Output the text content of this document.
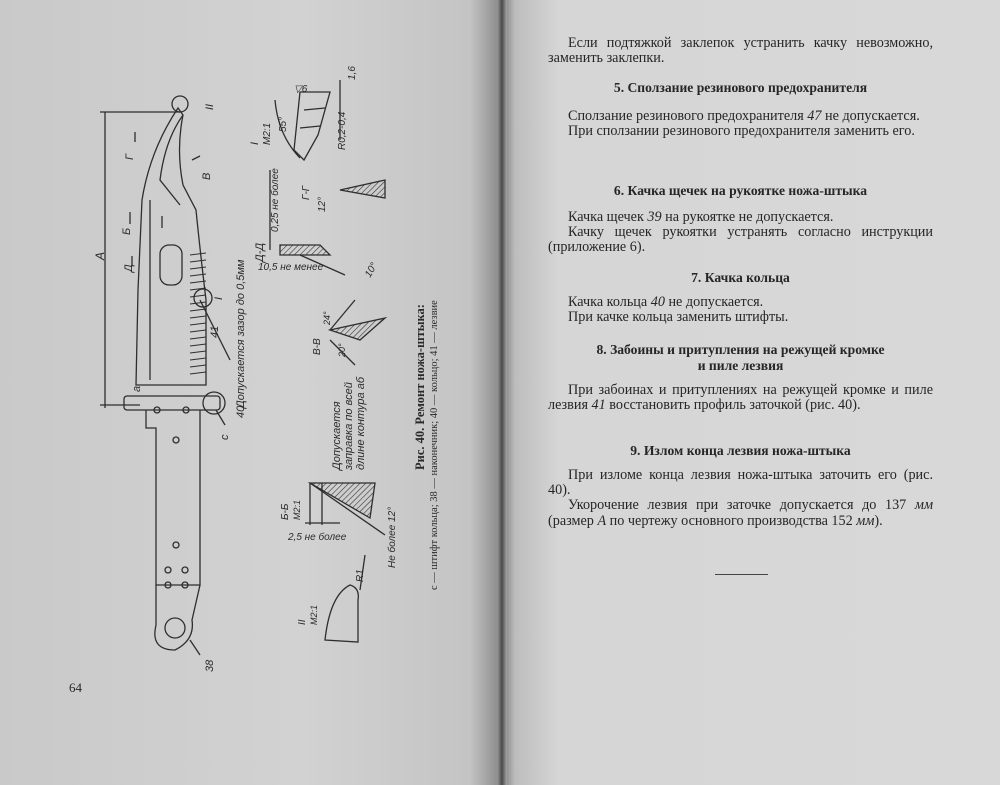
А
Г
В
Б
Д
II
I
41
40
с
а
38
Допускается зазор до 0,5мм
I М2:1 55°	R0,2-0,4
1,6
▽6
Г-Г
12°
Д-Д
0,25 не более
10,5 не менее	10°
В-В
24°
20°
Допускается заправка по всей длине контура аб
Б-Б М2:1
2,5 не более	Не более 12°
II М2:1
R1
Рис. 40. Ремонт ножа-штыка: с — штифт кольца; 38 — наконечник; 40 — кольцо; 41 — лезвие
64

Если подтяжкой заклепок устранить качку невозможно, заменить заклепки.

5. Сползание резинового предохранителя

Сползание резинового предохранителя 47 не допускается.

При сползании резинового предохранителя заменить его.

6. Качка щечек на рукоятке ножа-штыка

Качка щечек 39 на рукоятке не допускается.

Качку щечек рукоятки устранять согласно инструкции (приложение 6).

7. Качка кольца

Качка кольца 40 не допускается.

При качке кольца заменить штифты.

8. Забоины и притупления на режущей кромке
и пиле лезвия

При забоинах и притуплениях на режущей кромке и пиле лезвия 41 восстановить профиль заточкой (рис. 40).

9. Излом конца лезвия ножа-штыка

При изломе конца лезвия ножа-штыка заточить его (рис. 40).

Укорочение лезвия при заточке допускается до 137 мм (размер А по чертежу основного производства 152 мм).
